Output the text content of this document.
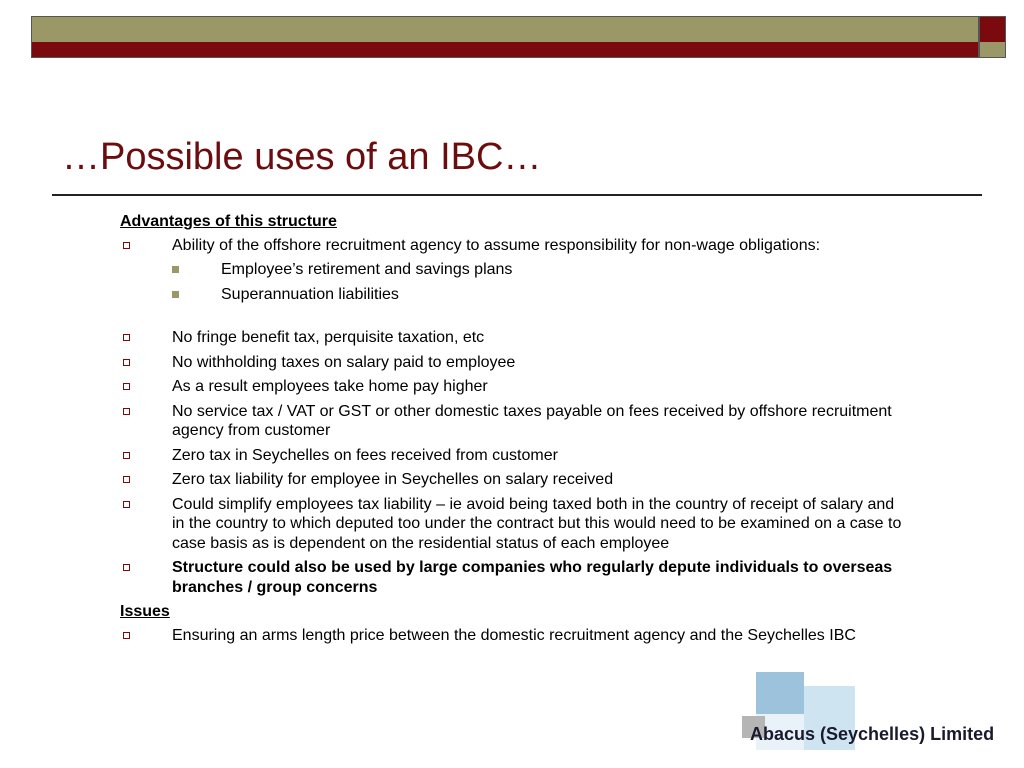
…Possible uses of an IBC…
Advantages of this structure
Ability of the offshore recruitment agency to assume responsibility for non-wage obligations:
Employee’s retirement and savings plans
Superannuation liabilities
No fringe benefit tax, perquisite taxation, etc
No withholding taxes on salary paid to employee
As a result employees take home pay higher
No service tax / VAT or GST or other domestic taxes payable on fees received by offshore recruitment agency from customer
Zero tax in Seychelles on fees received from customer
Zero tax liability for employee in Seychelles on salary received
Could simplify employees tax liability – ie avoid being taxed both in the country of receipt of salary and in the country to which deputed too under the contract but this would need to be examined on a case to case basis as is dependent on the residential status of each employee
Structure could also be used by large companies who regularly depute individuals to overseas branches / group concerns
Issues
Ensuring an arms length price between the domestic recruitment agency and the Seychelles IBC
Abacus (Seychelles) Limited
